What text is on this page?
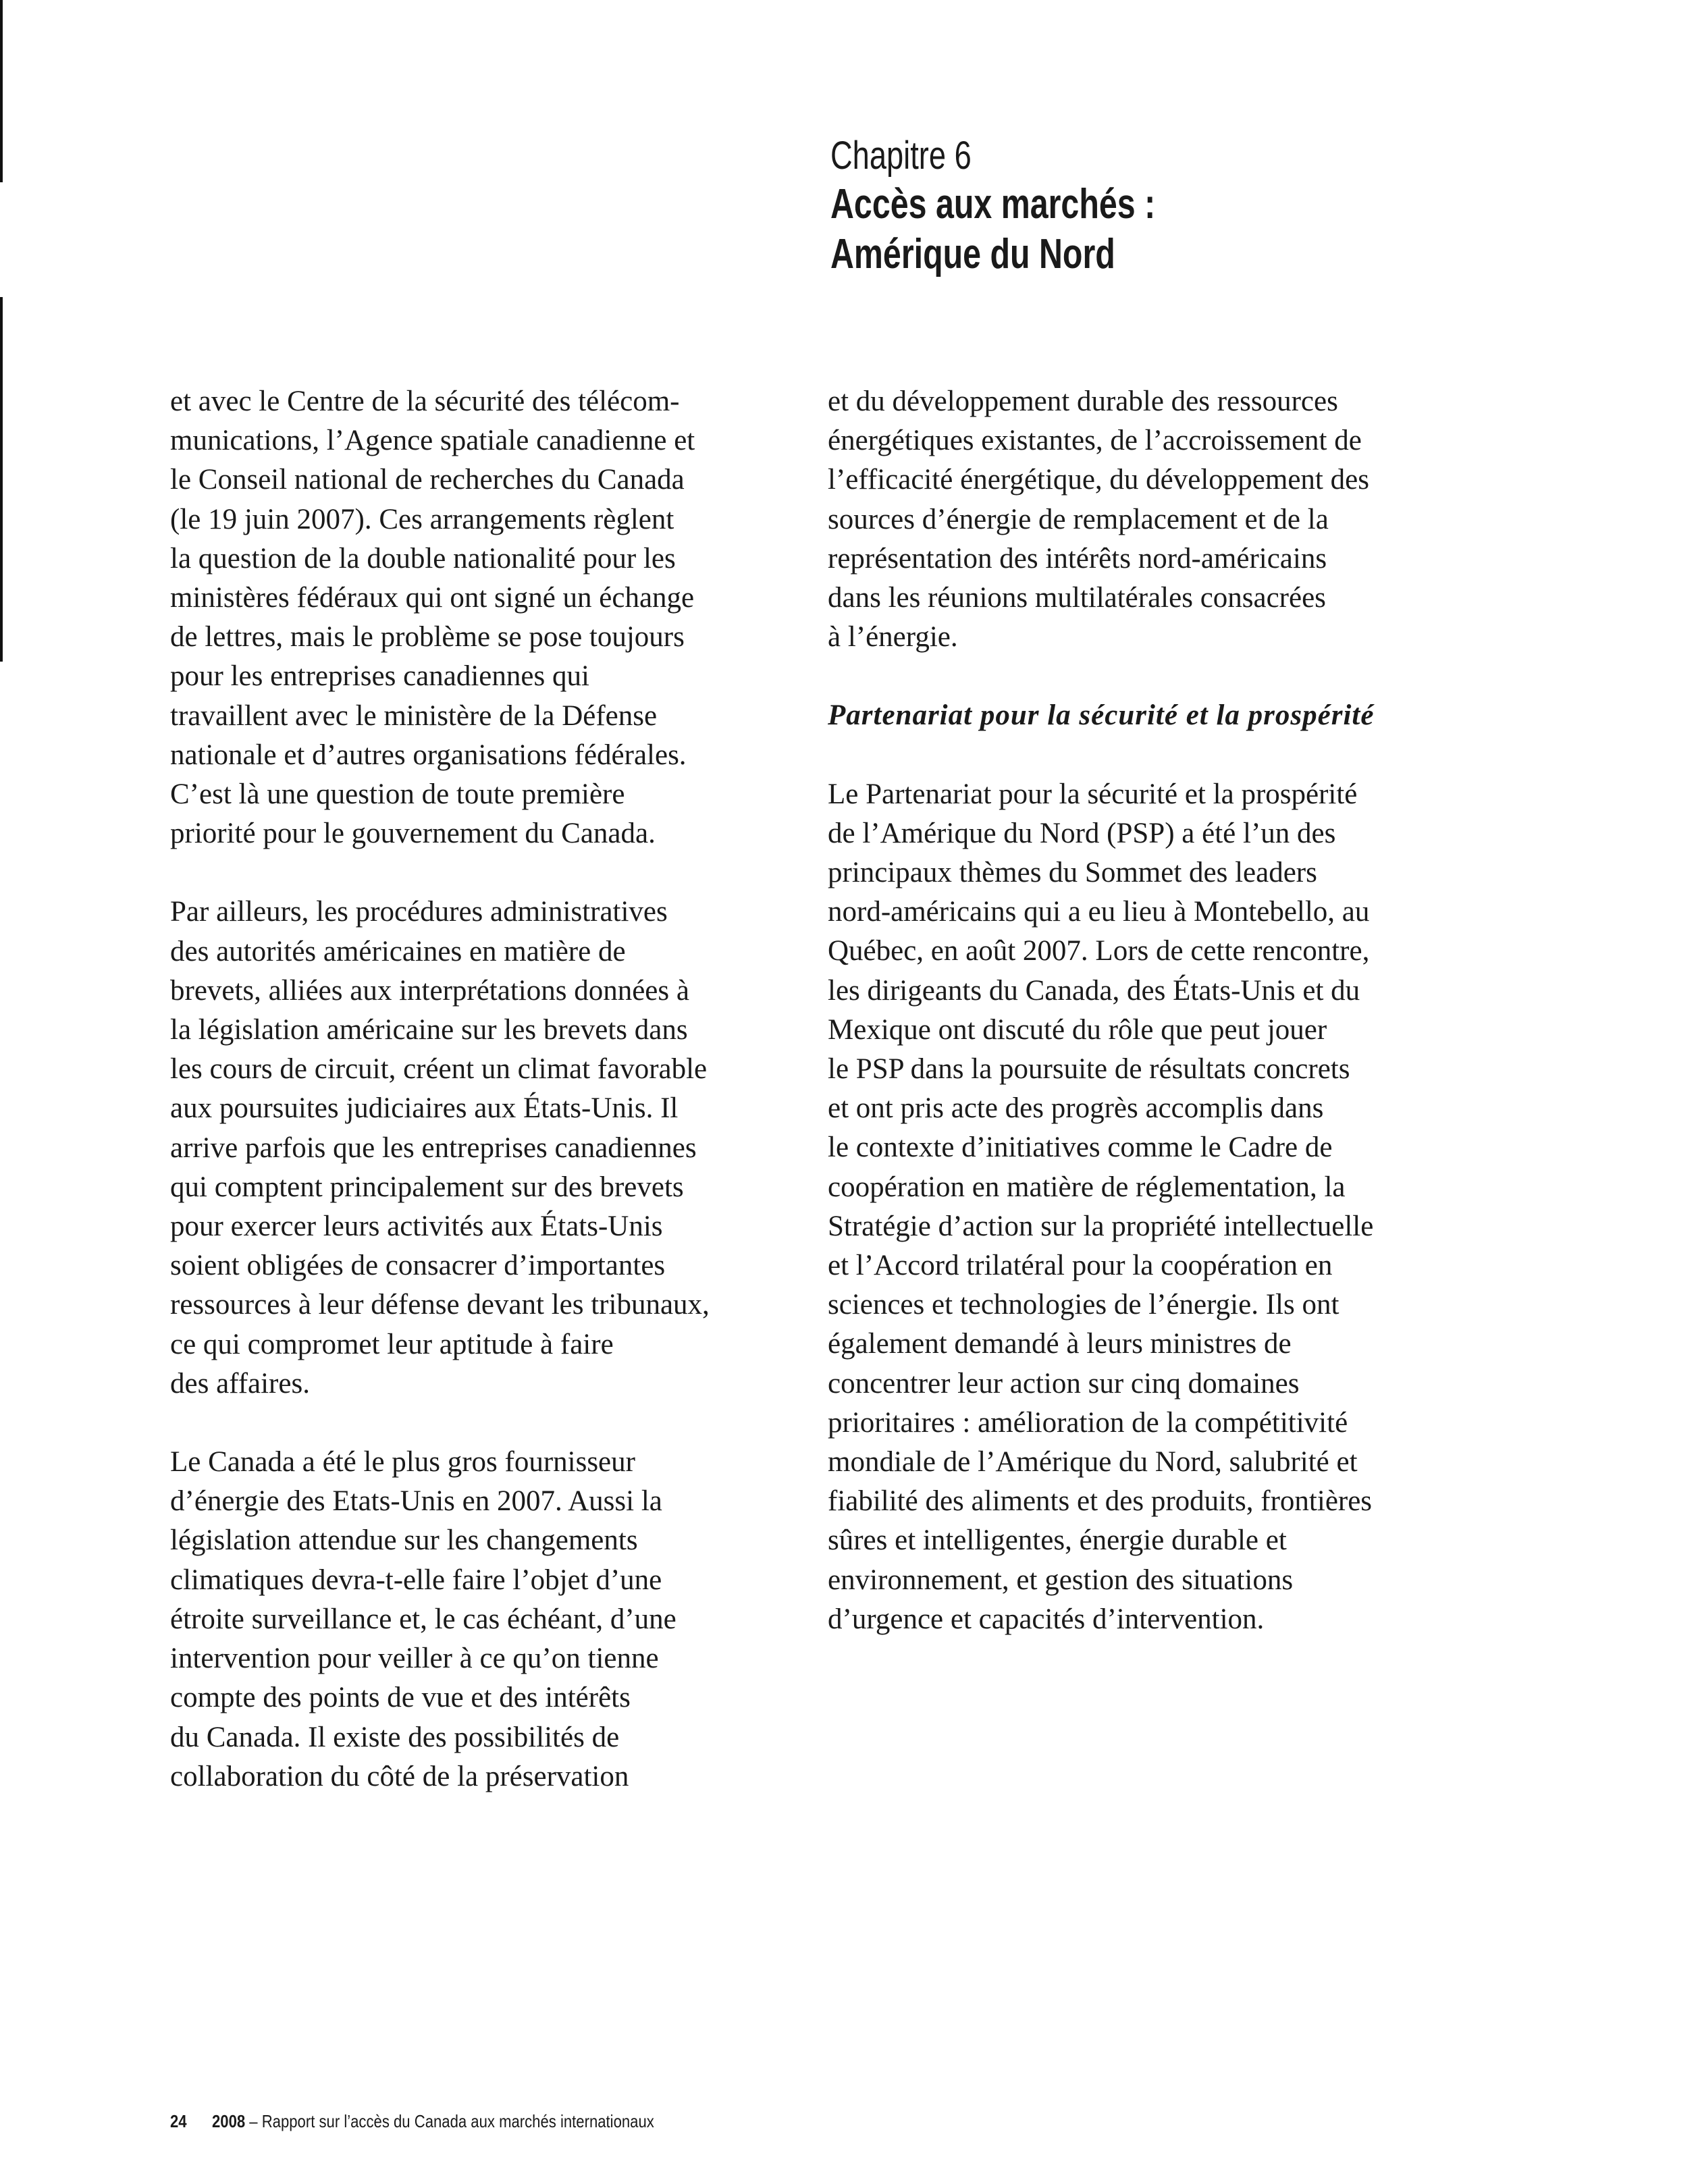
Chapitre 6
Accès aux marchés :
Amérique du Nord

et avec le Centre de la sécurité des télécom-
munications, l’Agence spatiale canadienne et
le Conseil national de recherches du Canada
(le 19 juin 2007). Ces arrangements règlent
la question de la double nationalité pour les
ministères fédéraux qui ont signé un échange
de lettres, mais le problème se pose toujours
pour les entreprises canadiennes qui
travaillent avec le ministère de la Défense
nationale et d’autres organisations fédérales.
C’est là une question de toute première
priorité pour le gouvernement du Canada.

Par ailleurs, les procédures administratives
des autorités américaines en matière de
brevets, alliées aux interprétations données à
la législation américaine sur les brevets dans
les cours de circuit, créent un climat favorable
aux poursuites judiciaires aux États-Unis. Il
arrive parfois que les entreprises canadiennes
qui comptent principalement sur des brevets
pour exercer leurs activités aux États-Unis
soient obligées de consacrer d’importantes
ressources à leur défense devant les tribunaux,
ce qui compromet leur aptitude à faire
des affaires.

Le Canada a été le plus gros fournisseur
d’énergie des Etats-Unis en 2007. Aussi la
législation attendue sur les changements
climatiques devra-t-elle faire l’objet d’une
étroite surveillance et, le cas échéant, d’une
intervention pour veiller à ce qu’on tienne
compte des points de vue et des intérêts
du Canada. Il existe des possibilités de
collaboration du côté de la préservation

et du développement durable des ressources
énergétiques existantes, de l’accroissement de
l’efficacité énergétique, du développement des
sources d’énergie de remplacement et de la
représentation des intérêts nord-américains
dans les réunions multilatérales consacrées
à l’énergie.

Partenariat pour la sécurité et la prospérité

Le Partenariat pour la sécurité et la prospérité
de l’Amérique du Nord (PSP) a été l’un des
principaux thèmes du Sommet des leaders
nord-américains qui a eu lieu à Montebello, au
Québec, en août 2007. Lors de cette rencontre,
les dirigeants du Canada, des États-Unis et du
Mexique ont discuté du rôle que peut jouer
le PSP dans la poursuite de résultats concrets
et ont pris acte des progrès accomplis dans
le contexte d’initiatives comme le Cadre de
coopération en matière de réglementation, la
Stratégie d’action sur la propriété intellectuelle
et l’Accord trilatéral pour la coopération en
sciences et technologies de l’énergie. Ils ont
également demandé à leurs ministres de
concentrer leur action sur cinq domaines
prioritaires : amélioration de la compétitivité
mondiale de l’Amérique du Nord, salubrité et
fiabilité des aliments et des produits, frontières
sûres et intelligentes, énergie durable et
environnement, et gestion des situations
d’urgence et capacités d’intervention.

24 2008 – Rapport sur l’accès du Canada aux marchés internationaux
